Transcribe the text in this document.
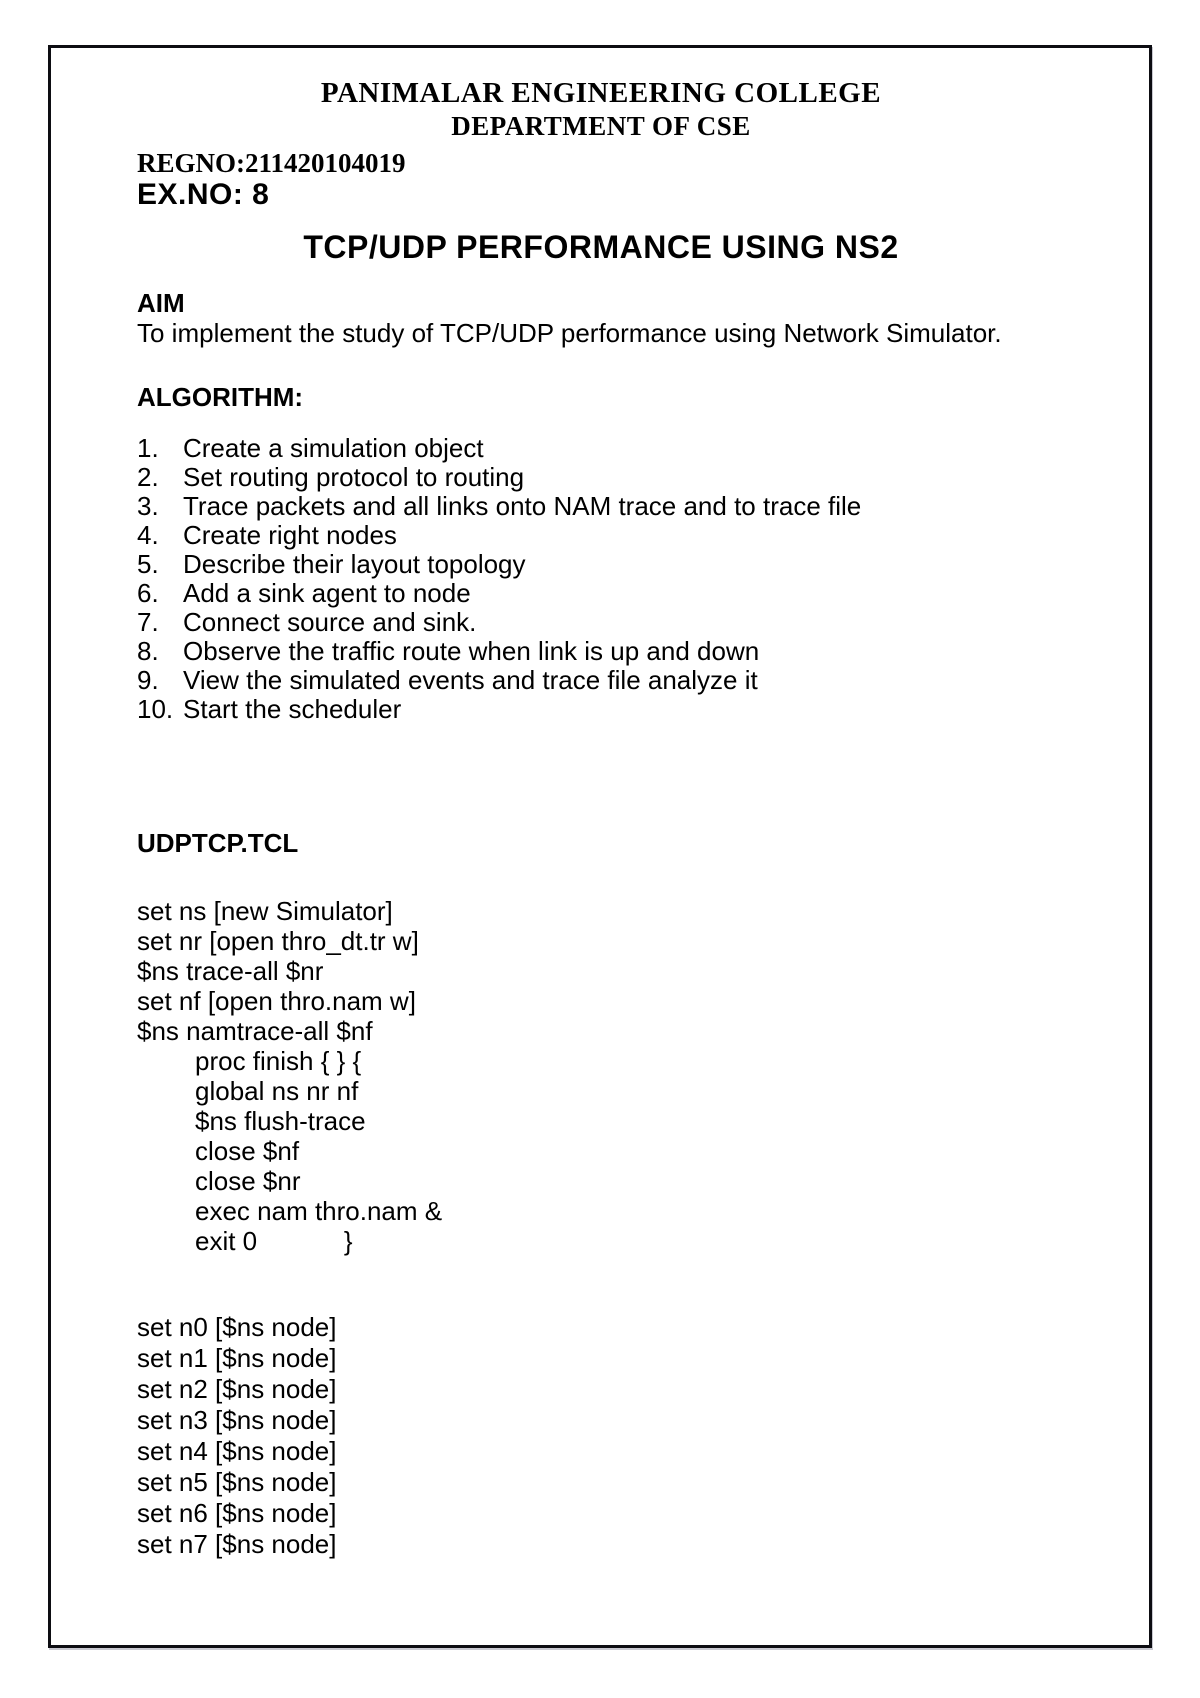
PANIMALAR ENGINEERING COLLEGE
DEPARTMENT OF CSE
REGNO:211420104019
EX.NO: 8
TCP/UDP PERFORMANCE USING NS2
AIM
To implement the study of TCP/UDP performance using Network Simulator.
ALGORITHM:
1. Create a simulation object
2. Set routing protocol to routing
3. Trace packets and all links onto NAM trace and to trace file
4. Create right nodes
5. Describe their layout topology
6. Add a sink agent to node
7. Connect source and sink.
8. Observe the traffic route when link is up and down
9. View the simulated events and trace file analyze it
10. Start the scheduler
UDPTCP.TCL
set ns [new Simulator]
set nr [open thro_dt.tr w]
$ns trace-all $nr
set nf [open thro.nam w]
$ns namtrace-all $nf
proc finish { } {
global ns nr nf
$ns flush-trace
close $nf
close $nr
exec nam thro.nam &
exit 0            }
set n0 [$ns node]
set n1 [$ns node]
set n2 [$ns node]
set n3 [$ns node]
set n4 [$ns node]
set n5 [$ns node]
set n6 [$ns node]
set n7 [$ns node]
